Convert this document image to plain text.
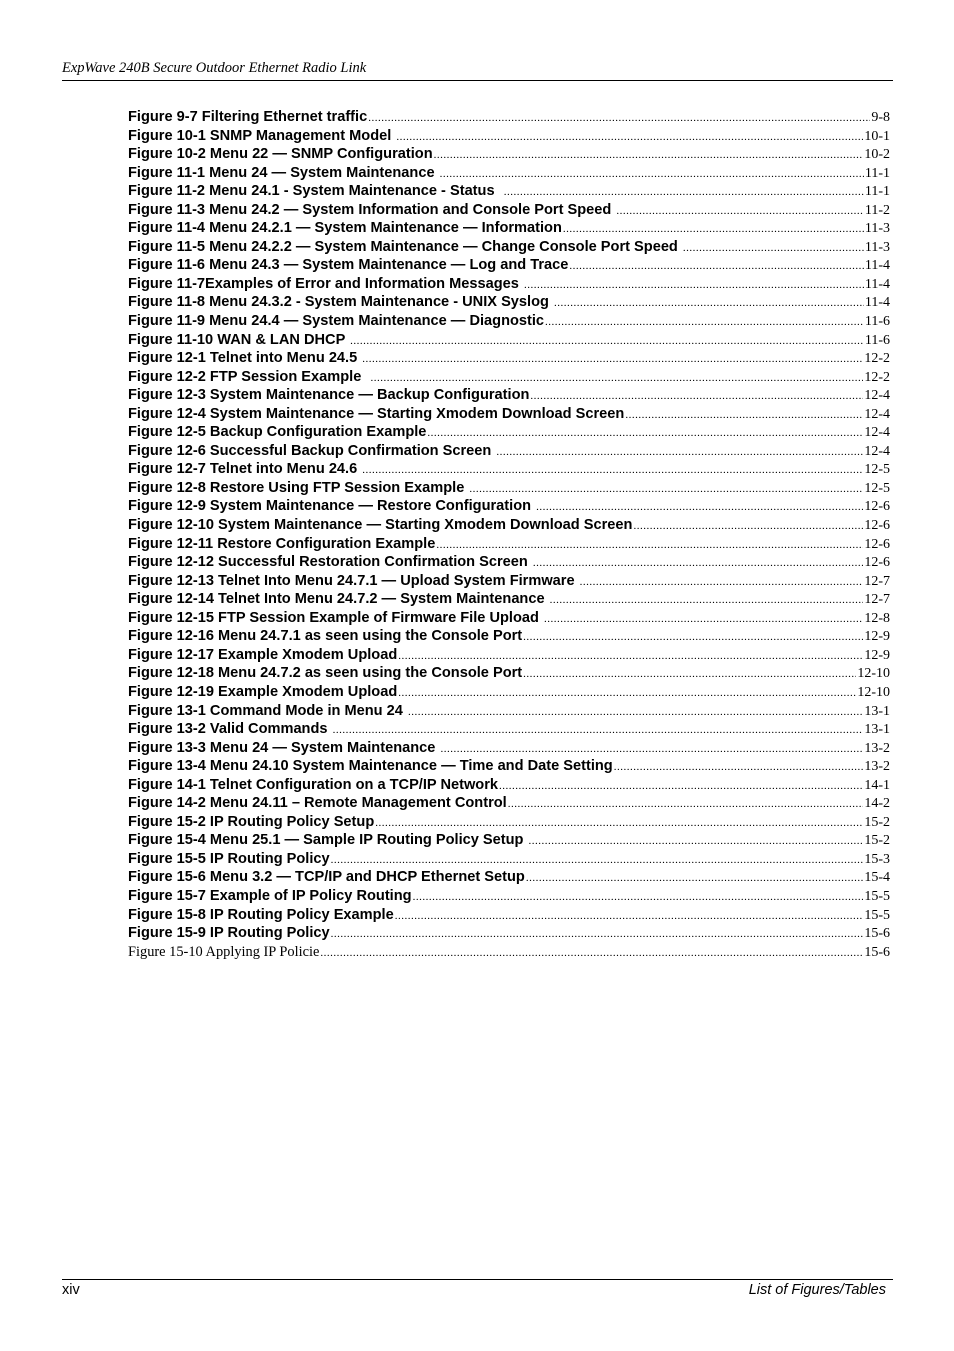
ExpWave 240B Secure Outdoor Ethernet Radio Link
Figure 9-7 Filtering Ethernet traffic .....	9-8
Figure 10-1 SNMP Management Model .....	10-1
Figure 10-2 Menu 22 — SNMP Configuration .....	10-2
Figure 11-1 Menu 24 — System Maintenance .....	11-1
Figure 11-2 Menu 24.1 - System Maintenance - Status .....	11-1
Figure 11-3 Menu 24.2 — System Information and Console Port Speed .....	11-2
Figure 11-4 Menu 24.2.1 — System Maintenance — Information .....	11-3
Figure 11-5 Menu 24.2.2 — System Maintenance — Change Console Port Speed .....	11-3
Figure 11-6 Menu 24.3 — System Maintenance — Log and Trace .....	11-4
Figure 11-7Examples of Error and Information Messages .....	11-4
Figure 11-8 Menu 24.3.2 - System Maintenance - UNIX Syslog .....	11-4
Figure 11-9 Menu 24.4 — System Maintenance — Diagnostic .....	11-6
Figure 11-10 WAN & LAN DHCP .....	11-6
Figure 12-1 Telnet into Menu 24.5 .....	12-2
Figure 12-2 FTP Session Example .....	12-2
Figure 12-3 System Maintenance — Backup Configuration .....	12-4
Figure 12-4 System Maintenance — Starting Xmodem Download Screen .....	12-4
Figure 12-5 Backup Configuration Example .....	12-4
Figure 12-6 Successful Backup Confirmation Screen .....	12-4
Figure 12-7 Telnet into Menu 24.6 .....	12-5
Figure 12-8 Restore Using FTP Session Example .....	12-5
Figure 12-9 System Maintenance — Restore Configuration .....	12-6
Figure 12-10 System Maintenance — Starting Xmodem Download Screen .....	12-6
Figure 12-11 Restore Configuration Example .....	12-6
Figure 12-12 Successful Restoration Confirmation Screen .....	12-6
Figure 12-13 Telnet Into Menu 24.7.1 — Upload System Firmware .....	12-7
Figure 12-14 Telnet Into Menu 24.7.2 — System Maintenance .....	12-7
Figure 12-15 FTP Session Example of Firmware File Upload .....	12-8
Figure 12-16 Menu 24.7.1 as seen using the Console Port .....	12-9
Figure 12-17 Example Xmodem Upload .....	12-9
Figure 12-18 Menu 24.7.2 as seen using the Console Port .....	12-10
Figure 12-19 Example Xmodem Upload .....	12-10
Figure 13-1 Command Mode in Menu 24 .....	13-1
Figure 13-2 Valid Commands .....	13-1
Figure 13-3 Menu 24 — System Maintenance .....	13-2
Figure 13-4 Menu 24.10 System Maintenance — Time and Date Setting .....	13-2
Figure 14-1 Telnet Configuration on a TCP/IP Network .....	14-1
Figure 14-2 Menu 24.11 – Remote Management Control .....	14-2
Figure 15-2 IP Routing Policy Setup .....	15-2
Figure 15-4 Menu 25.1 — Sample IP Routing Policy Setup .....	15-2
Figure 15-5 IP Routing Policy .....	15-3
Figure 15-6 Menu 3.2 — TCP/IP and DHCP Ethernet Setup .....	15-4
Figure 15-7 Example of IP Policy Routing .....	15-5
Figure 15-8 IP Routing Policy Example .....	15-5
Figure 15-9 IP Routing Policy .....	15-6
Figure 15-10 Applying IP Policie .....	15-6
xiv	List of Figures/Tables
